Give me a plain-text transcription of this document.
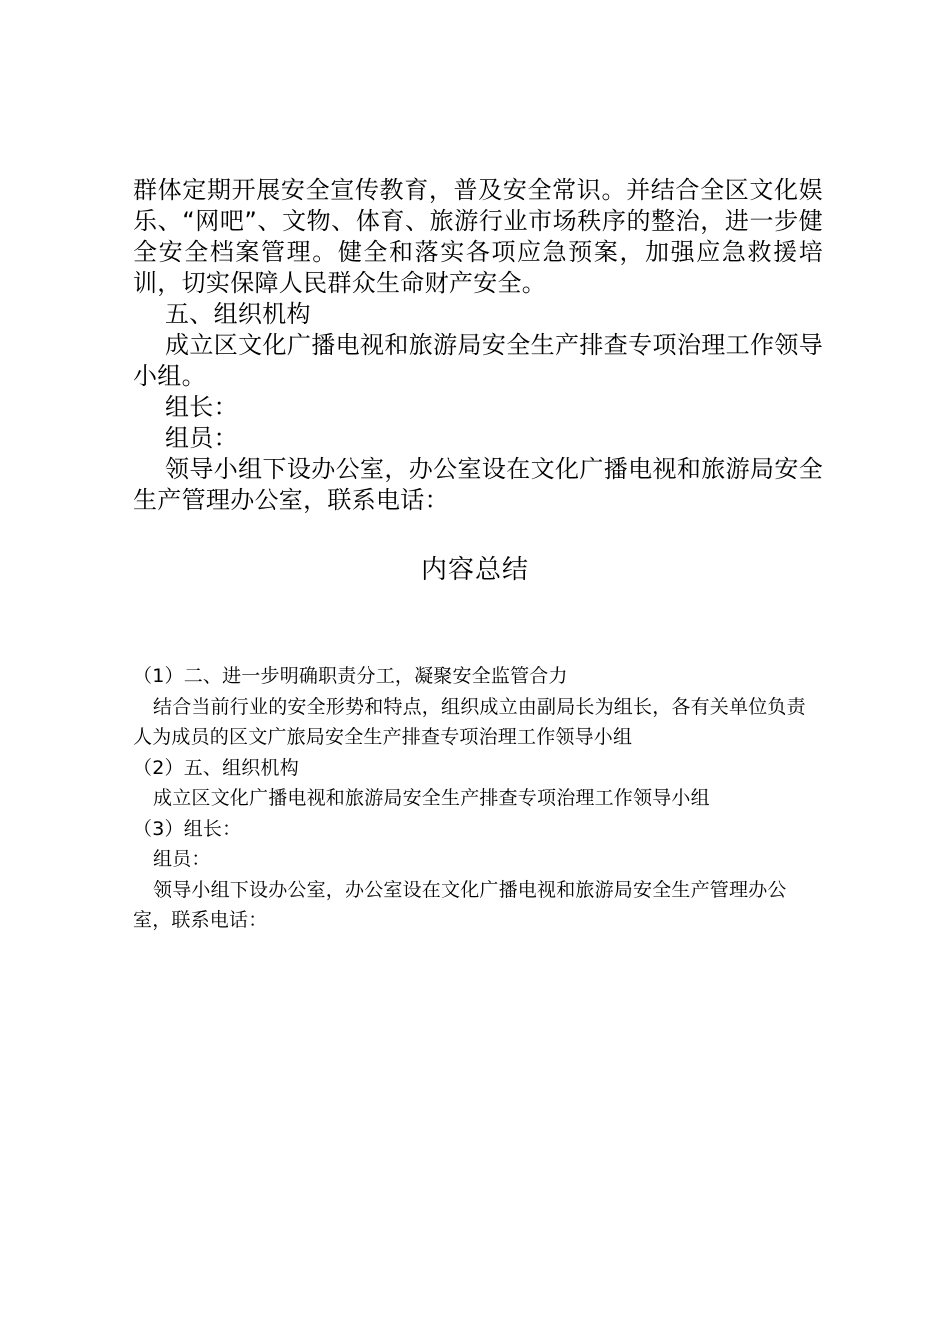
群体定期开展安全宣传教育，普及安全常识。并结合全区文化娱乐、“网吧”、文物、体育、旅游行业市场秩序的整治，进一步健全安全档案管理。健全和落实各项应急预案，加强应急救援培训，切实保障人民群众生命财产安全。

五、组织机构

成立区文化广播电视和旅游局安全生产排查专项治理工作领导小组。

组长：

组员：

领导小组下设办公室，办公室设在文化广播电视和旅游局安全生产管理办公室，联系电话：

内容总结

（1）二、进一步明确职责分工，凝聚安全监管合力

结合当前行业的安全形势和特点，组织成立由副局长为组长，各有关单位负责人为成员的区文广旅局安全生产排查专项治理工作领导小组

（2）五、组织机构

成立区文化广播电视和旅游局安全生产排查专项治理工作领导小组

（3）组长：

组员：

领导小组下设办公室，办公室设在文化广播电视和旅游局安全生产管理办公室，联系电话：
